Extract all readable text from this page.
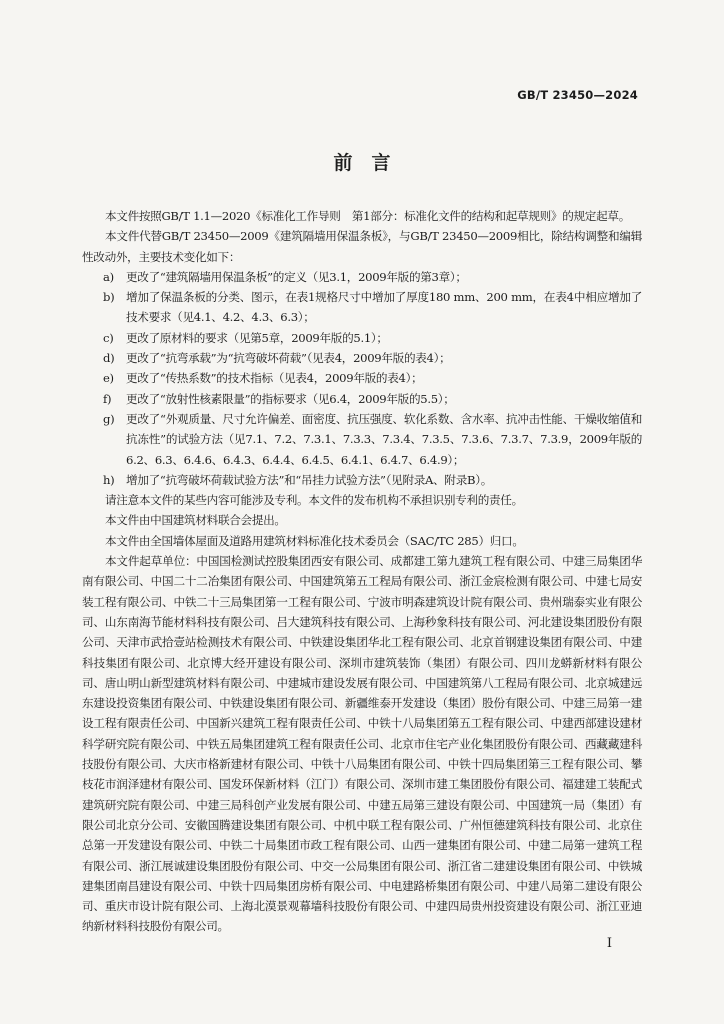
GB/T 23450—2024
前　言

本文件按照GB/T 1.1—2020《标准化工作导则　第1部分：标准化文件的结构和起草规则》的规定起草。

本文件代替GB/T 23450—2009《建筑隔墙用保温条板》，与GB/T 23450—2009相比，除结构调整和编辑性改动外，主要技术变化如下：

a) 更改了“建筑隔墙用保温条板”的定义（见3.1，2009年版的第3章）；
b) 增加了保温条板的分类、图示，在表1规格尺寸中增加了厚度180 mm、200 mm，在表4中相应增加了技术要求（见4.1、4.2、4.3、6.3）；
c) 更改了原材料的要求（见第5章，2009年版的5.1）；
d) 更改了“抗弯承载”为“抗弯破坏荷载”（见表4，2009年版的表4）；
e) 更改了“传热系数”的技术指标（见表4，2009年版的表4）；
f) 更改了“放射性核素限量”的指标要求（见6.4，2009年版的5.5）；
g) 更改了“外观质量、尺寸允许偏差、面密度、抗压强度、软化系数、含水率、抗冲击性能、干燥收缩值和抗冻性”的试验方法（见7.1、7.2、7.3.1、7.3.3、7.3.4、7.3.5、7.3.6、7.3.7、7.3.9，2009年版的6.2、6.3、6.4.6、6.4.3、6.4.4、6.4.5、6.4.1、6.4.7、6.4.9）；
h) 增加了“抗弯破坏荷载试验方法”和“吊挂力试验方法”（见附录A、附录B）。

请注意本文件的某些内容可能涉及专利。本文件的发布机构不承担识别专利的责任。

本文件由中国建筑材料联合会提出。

本文件由全国墙体屋面及道路用建筑材料标准化技术委员会（SAC/TC 285）归口。

本文件起草单位：中国国检测试控股集团西安有限公司、成都建工第九建筑工程有限公司、中建三局集团华南有限公司、中国二十二冶集团有限公司、中国建筑第五工程局有限公司、浙江金宸检测有限公司、中建七局安装工程有限公司、中铁二十三局集团第一工程有限公司、宁波市明森建筑设计院有限公司、贵州瑞泰实业有限公司、山东南海节能材料科技有限公司、吕大建筑科技有限公司、上海秒象科技有限公司、河北建设集团股份有限公司、天津市武拾壹站检测技术有限公司、中铁建设集团华北工程有限公司、北京首钢建设集团有限公司、中建科技集团有限公司、北京博大经开建设有限公司、深圳市建筑装饰（集团）有限公司、四川龙蟒新材料有限公司、唐山明山新型建筑材料有限公司、中建城市建设发展有限公司、中国建筑第八工程局有限公司、北京城建远东建设投资集团有限公司、中铁建设集团有限公司、新疆维泰开发建设（集团）股份有限公司、中建三局第一建设工程有限责任公司、中国新兴建筑工程有限责任公司、中铁十八局集团第五工程有限公司、中建西部建设建材科学研究院有限公司、中铁五局集团建筑工程有限责任公司、北京市住宅产业化集团股份有限公司、西藏藏建科技股份有限公司、大庆市格新建材有限公司、中铁十八局集团有限公司、中铁十四局集团第三工程有限公司、攀枝花市润泽建材有限公司、国发环保新材料（江门）有限公司、深圳市建工集团股份有限公司、福建建工装配式建筑研究院有限公司、中建三局科创产业发展有限公司、中建五局第三建设有限公司、中国建筑一局（集团）有限公司北京分公司、安徽国腾建设集团有限公司、中机中联工程有限公司、广州恒德建筑科技有限公司、北京住总第一开发建设有限公司、中铁二十局集团市政工程有限公司、山西一建集团有限公司、中建二局第一建筑工程有限公司、浙江展诚建设集团股份有限公司、中交一公局集团有限公司、浙江省二建建设集团有限公司、中铁城建集团南昌建设有限公司、中铁十四局集团房桥有限公司、中电建路桥集团有限公司、中建八局第二建设有限公司、重庆市设计院有限公司、上海北漠景观幕墙科技股份有限公司、中建四局贵州投资建设有限公司、浙江亚迪纳新材料科技股份有限公司。

I
